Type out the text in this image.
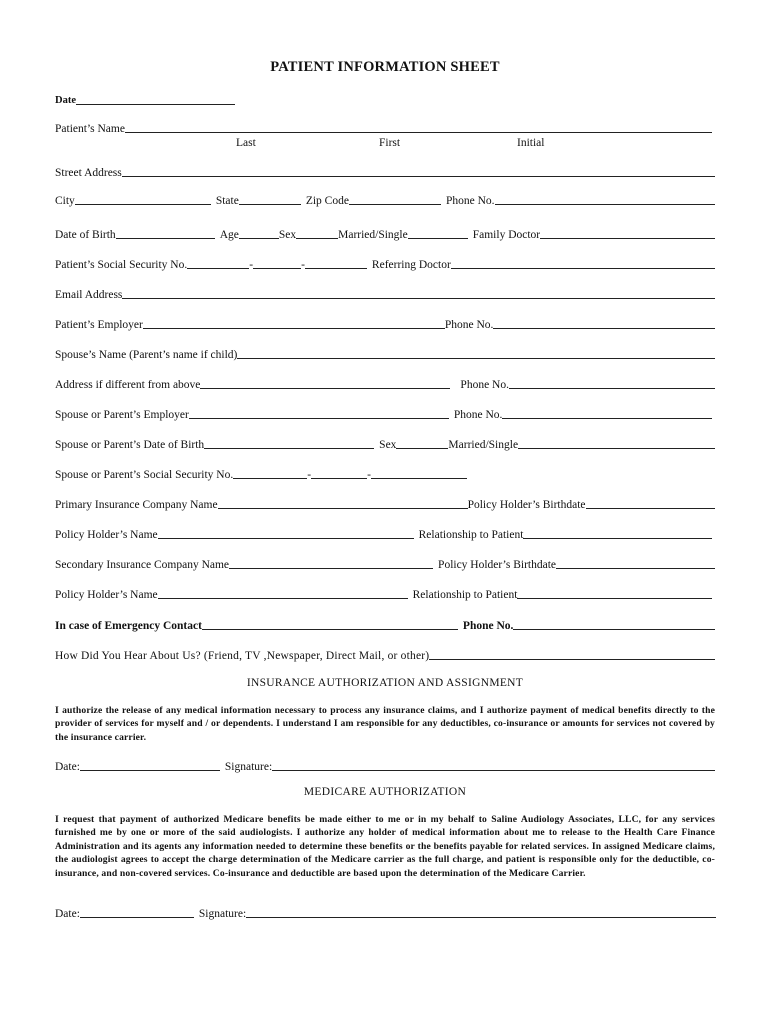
PATIENT INFORMATION SHEET
Date
Patient’s Name
Last	First	Initial
Street Address
City	State	Zip Code	Phone No.
Date of Birth	Age	Sex	Married/Single	Family Doctor
Patient’s Social Security No.	-	-	Referring Doctor
Email Address
Patient’s Employer	Phone No.
Spouse’s Name (Parent’s name if child)
Address if different from above	Phone No.
Spouse or Parent’s Employer	Phone No.
Spouse or Parent’s Date of Birth	Sex	Married/Single
Spouse or Parent’s Social Security No.	-	-
Primary Insurance Company Name	Policy Holder’s Birthdate
Policy Holder’s Name	Relationship to Patient
Secondary Insurance Company Name	Policy Holder’s Birthdate
Policy Holder’s Name	Relationship to Patient
In case of Emergency Contact	Phone No.
How Did You Hear About Us? (Friend, TV ,Newspaper, Direct Mail, or other)
INSURANCE AUTHORIZATION AND ASSIGNMENT
I authorize the release of any medical information necessary to process any insurance claims, and I authorize payment of medical benefits directly to the provider of services for myself and / or dependents. I understand I am responsible for any deductibles, co-insurance or amounts for services not covered by the insurance carrier.
Date:	Signature:
MEDICARE AUTHORIZATION
I request that payment of authorized Medicare benefits be made either to me or in my behalf to Saline Audiology Associates, LLC, for any services furnished me by one or more of the said audiologists. I authorize any holder of medical information about me to release to the Health Care Finance Administration and its agents any information needed to determine these benefits or the benefits payable for related services. In assigned Medicare claims, the audiologist agrees to accept the charge determination of the Medicare carrier as the full charge, and patient is responsible only for the deductible, co-insurance, and non-covered services. Co-insurance and deductible are based upon the determination of the Medicare Carrier.
Date:	Signature:
